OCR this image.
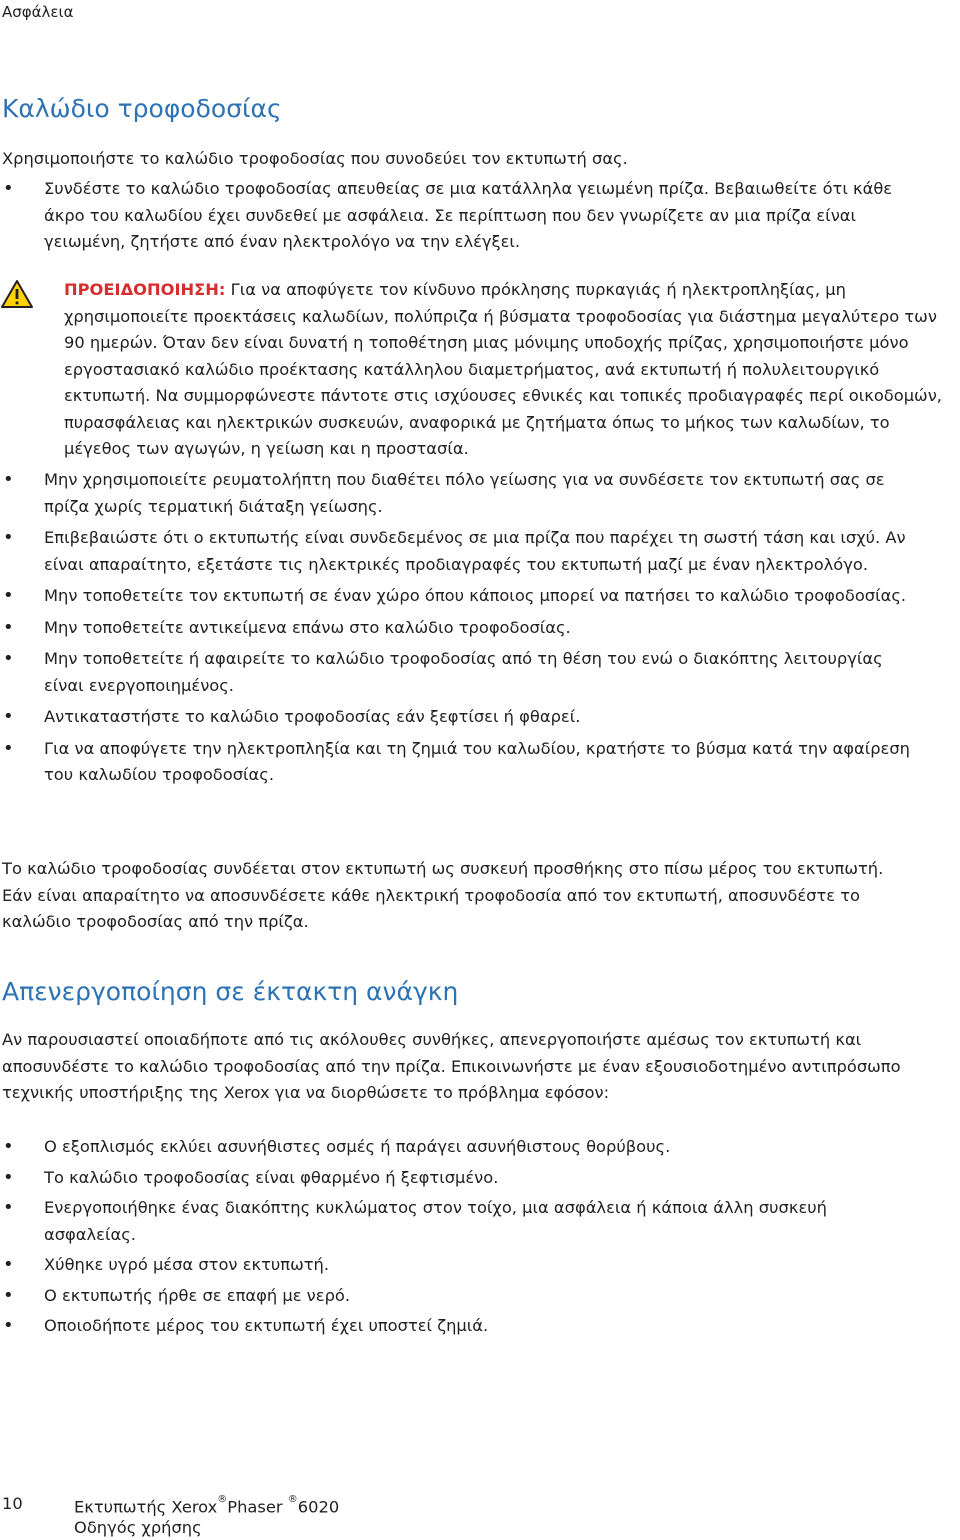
Ασφάλεια
Καλώδιο τροφοδοσίας

Χρησιμοποιήστε το καλώδιο τροφοδοσίας που συνοδεύει τον εκτυπωτή σας.

•	Συνδέστε το καλώδιο τροφοδοσίας απευθείας σε μια κατάλληλα γειωμένη πρίζα. Βεβαιωθείτε ότι κάθε άκρο του καλωδίου έχει συνδεθεί με ασφάλεια. Σε περίπτωση που δεν γνωρίζετε αν μια πρίζα είναι γειωμένη, ζητήστε από έναν ηλεκτρολόγο να την ελέγξει.

ΠΡΟΕΙΔΟΠΟΙΗΣΗ: Για να αποφύγετε τον κίνδυνο πρόκλησης πυρκαγιάς ή ηλεκτροπληξίας, μη χρησιμοποιείτε προεκτάσεις καλωδίων, πολύπριζα ή βύσματα τροφοδοσίας για διάστημα μεγαλύτερο των 90 ημερών. Όταν δεν είναι δυνατή η τοποθέτηση μιας μόνιμης υποδοχής πρίζας, χρησιμοποιήστε μόνο εργοστασιακό καλώδιο προέκτασης κατάλληλου διαμετρήματος, ανά εκτυπωτή ή πολυλειτουργικό εκτυπωτή. Να συμμορφώνεστε πάντοτε στις ισχύουσες εθνικές και τοπικές προδιαγραφές περί οικοδομών, πυρασφάλειας και ηλεκτρικών συσκευών, αναφορικά με ζητήματα όπως το μήκος των καλωδίων, το μέγεθος των αγωγών, η γείωση και η προστασία.

•	Μην χρησιμοποιείτε ρευματολήπτη που διαθέτει πόλο γείωσης για να συνδέσετε τον εκτυπωτή σας σε πρίζα χωρίς τερματική διάταξη γείωσης.
•	Επιβεβαιώστε ότι ο εκτυπωτής είναι συνδεδεμένος σε μια πρίζα που παρέχει τη σωστή τάση και ισχύ. Αν είναι απαραίτητο, εξετάστε τις ηλεκτρικές προδιαγραφές του εκτυπωτή μαζί με έναν ηλεκτρολόγο.
•	Μην τοποθετείτε τον εκτυπωτή σε έναν χώρο όπου κάποιος μπορεί να πατήσει το καλώδιο τροφοδοσίας.
•	Μην τοποθετείτε αντικείμενα επάνω στο καλώδιο τροφοδοσίας.
•	Μην τοποθετείτε ή αφαιρείτε το καλώδιο τροφοδοσίας από τη θέση του ενώ ο διακόπτης λειτουργίας είναι ενεργοποιημένος.
•	Αντικαταστήστε το καλώδιο τροφοδοσίας εάν ξεφτίσει ή φθαρεί.
•	Για να αποφύγετε την ηλεκτροπληξία και τη ζημιά του καλωδίου, κρατήστε το βύσμα κατά την αφαίρεση του καλωδίου τροφοδοσίας.

Το καλώδιο τροφοδοσίας συνδέεται στον εκτυπωτή ως συσκευή προσθήκης στο πίσω μέρος του εκτυπωτή. Εάν είναι απαραίτητο να αποσυνδέσετε κάθε ηλεκτρική τροφοδοσία από τον εκτυπωτή, αποσυνδέστε το καλώδιο τροφοδοσίας από την πρίζα.

Απενεργοποίηση σε έκτακτη ανάγκη

Αν παρουσιαστεί οποιαδήποτε από τις ακόλουθες συνθήκες, απενεργοποιήστε αμέσως τον εκτυπωτή και αποσυνδέστε το καλώδιο τροφοδοσίας από την πρίζα. Επικοινωνήστε με έναν εξουσιοδοτημένο αντιπρόσωπο τεχνικής υποστήριξης της Xerox για να διορθώσετε το πρόβλημα εφόσον:

•	Ο εξοπλισμός εκλύει ασυνήθιστες οσμές ή παράγει ασυνήθιστους θορύβους.
•	Το καλώδιο τροφοδοσίας είναι φθαρμένο ή ξεφτισμένο.
•	Ενεργοποιήθηκε ένας διακόπτης κυκλώματος στον τοίχο, μια ασφάλεια ή κάποια άλλη συσκευή ασφαλείας.
•	Χύθηκε υγρό μέσα στον εκτυπωτή.
•	Ο εκτυπωτής ήρθε σε επαφή με νερό.
•	Οποιοδήποτε μέρος του εκτυπωτή έχει υποστεί ζημιά.
10	Εκτυπωτής Xerox®Phaser ®6020
Οδηγός χρήσης
